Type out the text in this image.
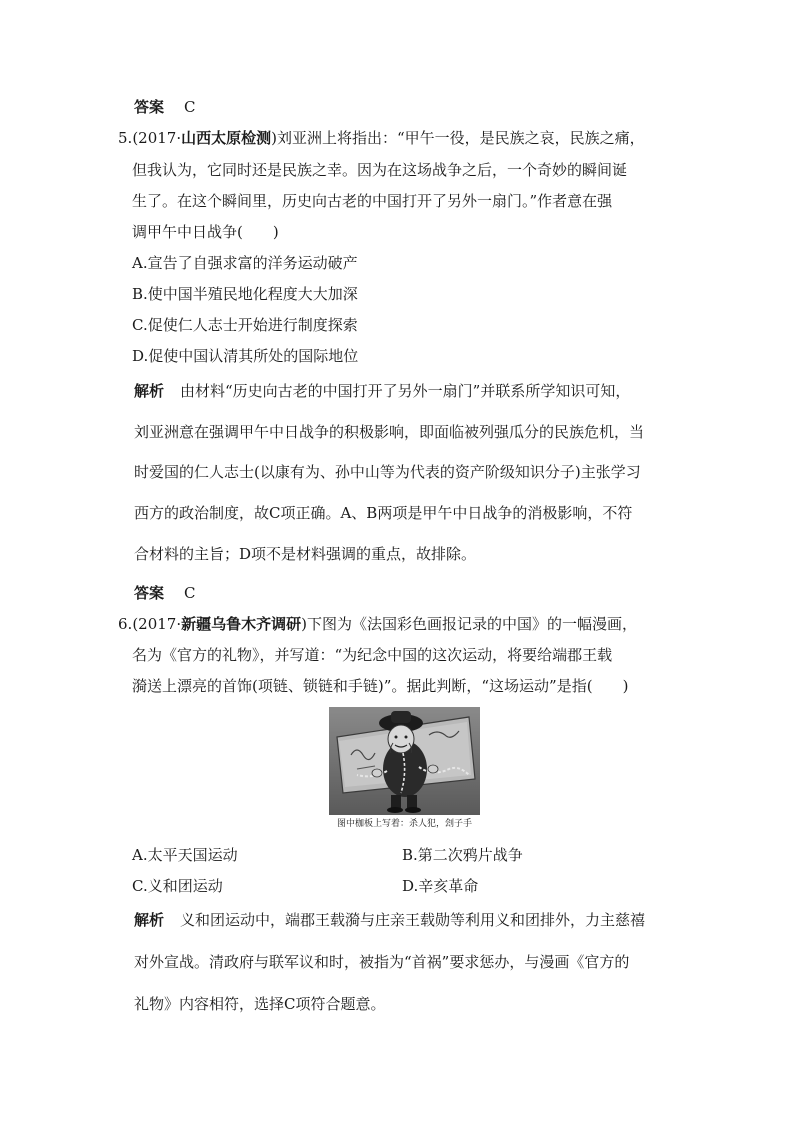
答案 C
5.(2017·山西太原检测)刘亚洲上将指出：“甲午一役，是民族之哀，民族之痛，
但我认为，它同时还是民族之幸。因为在这场战争之后，一个奇妙的瞬间诞
生了。在这个瞬间里，历史向古老的中国打开了另外一扇门。”作者意在强
调甲午中日战争(　　)
A.宣告了自强求富的洋务运动破产
B.使中国半殖民地化程度大大加深
C.促使仁人志士开始进行制度探索
D.促使中国认清其所处的国际地位
解析 由材料“历史向古老的中国打开了另外一扇门”并联系所学知识可知，
刘亚洲意在强调甲午中日战争的积极影响，即面临被列强瓜分的民族危机，当
时爱国的仁人志士(以康有为、孙中山等为代表的资产阶级知识分子)主张学习
西方的政治制度，故C项正确。A、B两项是甲午中日战争的消极影响，不符
合材料的主旨；D项不是材料强调的重点，故排除。
答案 C
6.(2017·新疆乌鲁木齐调研)下图为《法国彩色画报记录的中国》的一幅漫画，
名为《官方的礼物》，并写道：“为纪念中国的这次运动，将要给端郡王载
漪送上漂亮的首饰(项链、锁链和手链)”。据此判断，“这场运动”是指(　　)
图中枷板上写着：杀人犯，刽子手
A.太平天国运动	B.第二次鸦片战争
C.义和团运动	D.辛亥革命
解析 义和团运动中，端郡王载漪与庄亲王载勋等利用义和团排外，力主慈禧
对外宣战。清政府与联军议和时，被指为“首祸”要求惩办，与漫画《官方的
礼物》内容相符，选择C项符合题意。
